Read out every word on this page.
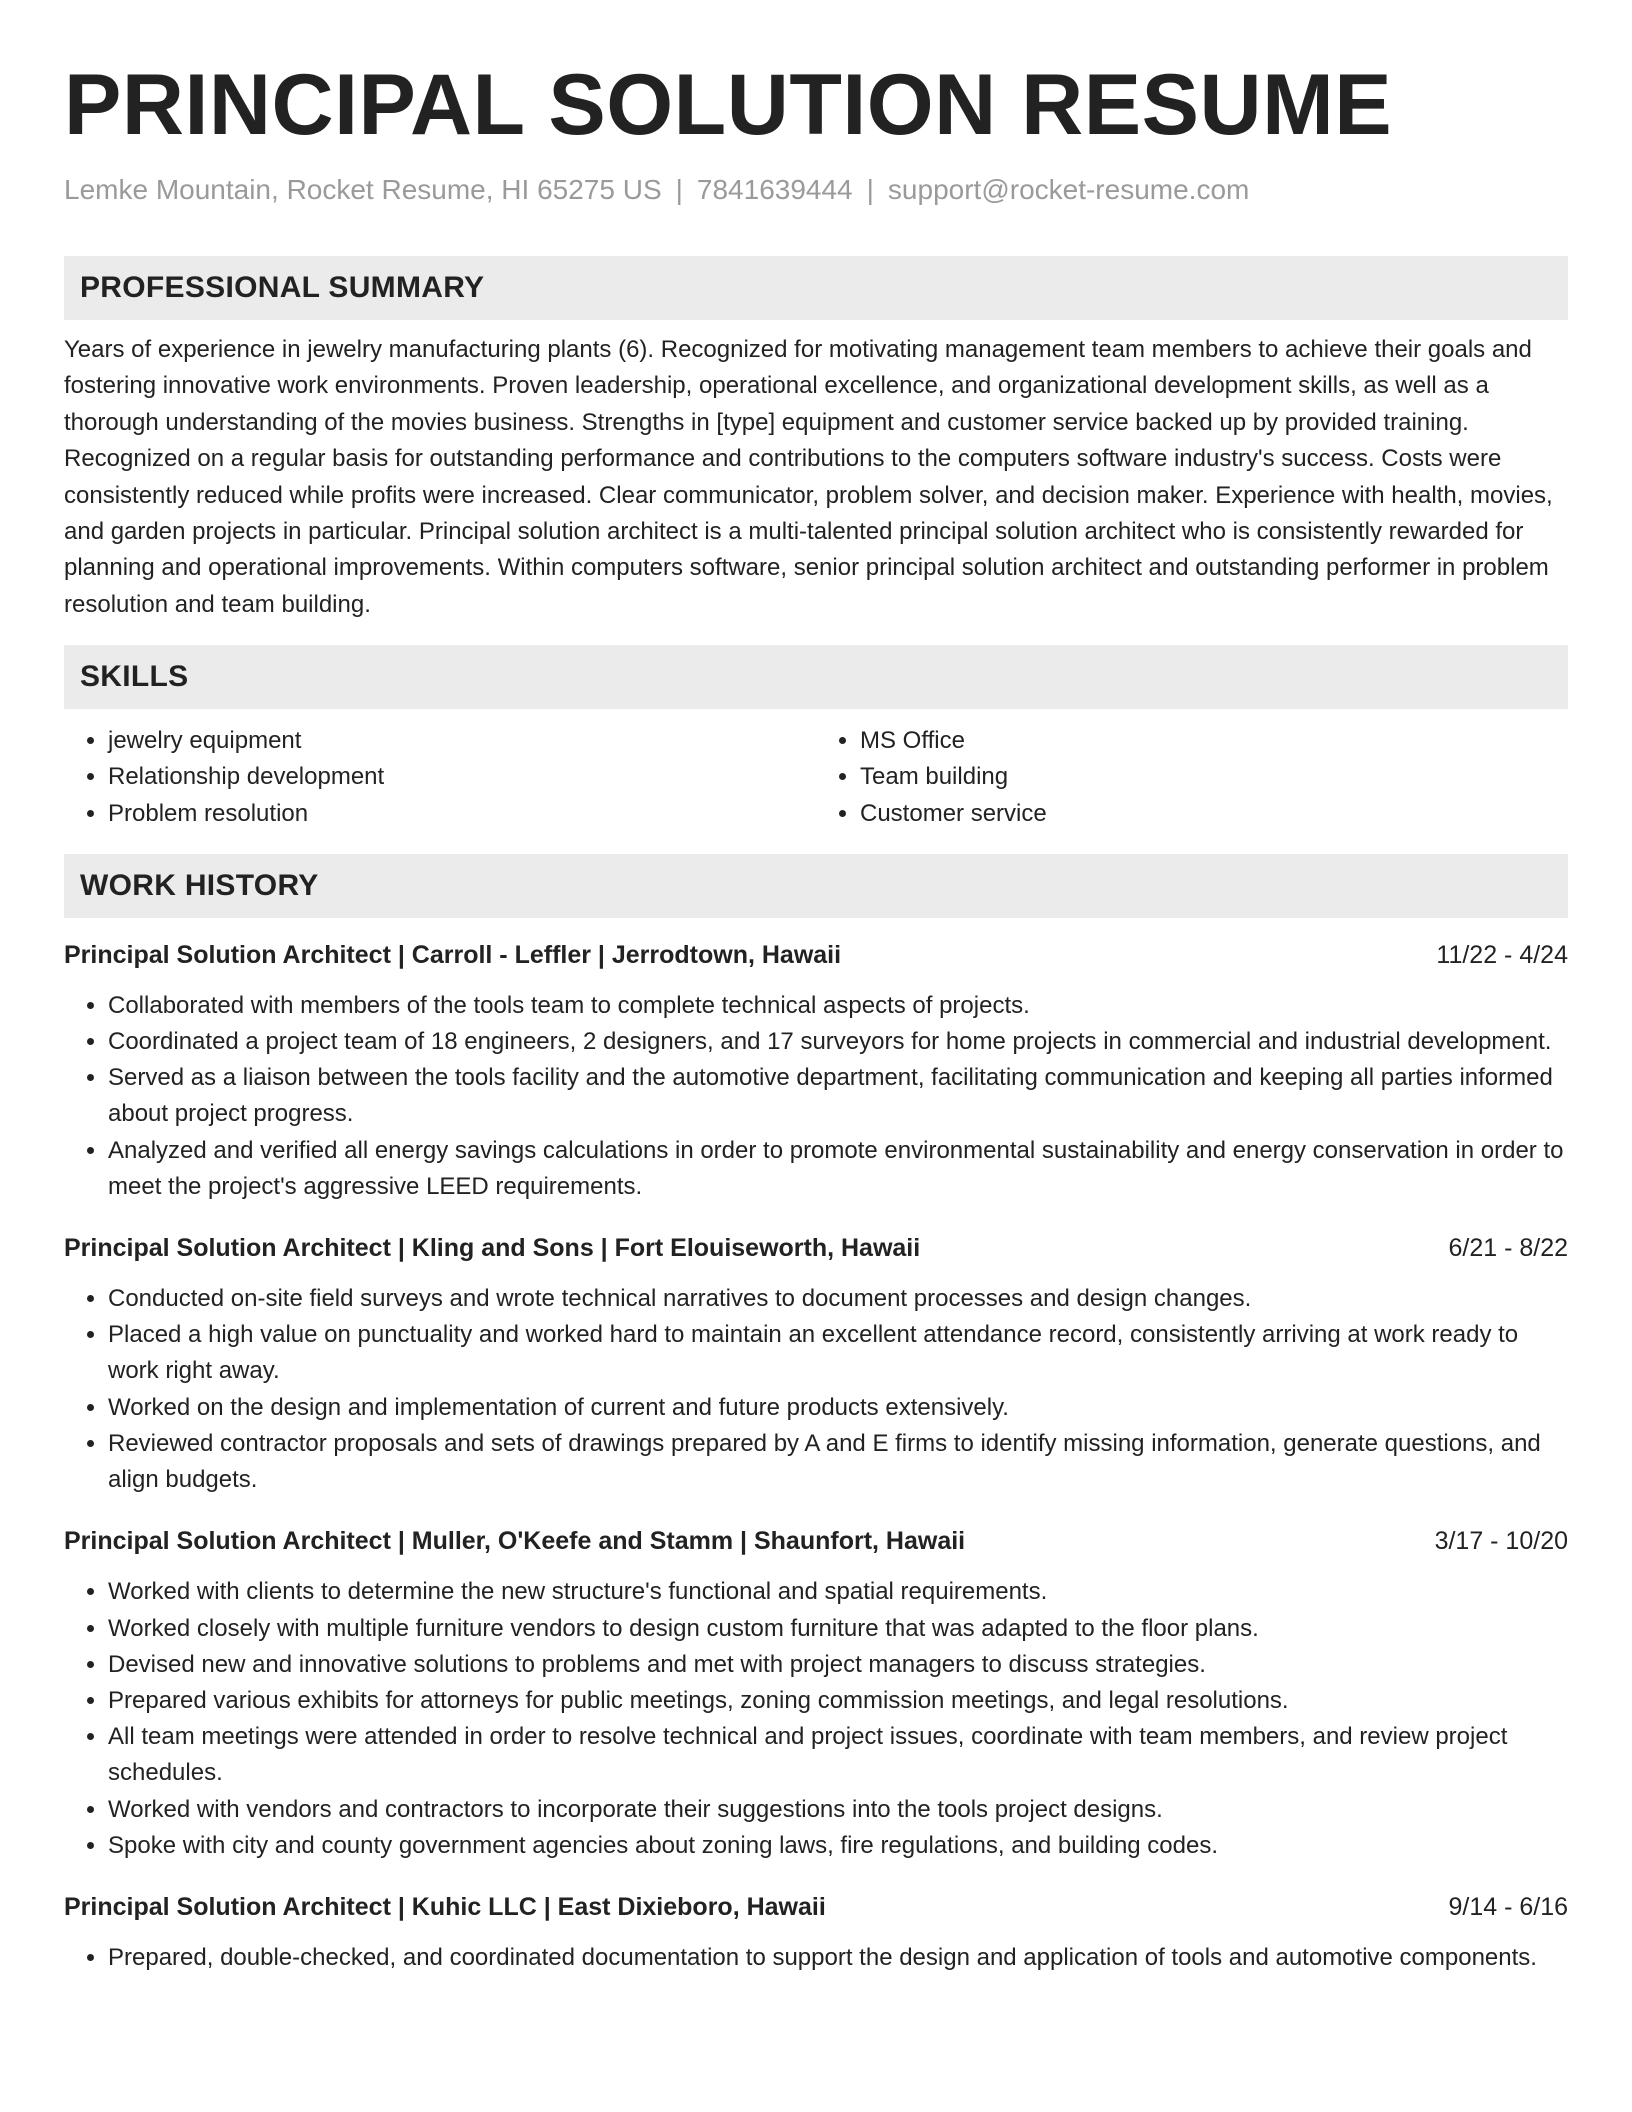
PRINCIPAL SOLUTION RESUME
Lemke Mountain, Rocket Resume, HI 65275 US | 7841639444 | support@rocket-resume.com
PROFESSIONAL SUMMARY

Years of experience in jewelry manufacturing plants (6). Recognized for motivating management team members to achieve their goals and fostering innovative work environments. Proven leadership, operational excellence, and organizational development skills, as well as a thorough understanding of the movies business. Strengths in [type] equipment and customer service backed up by provided training. Recognized on a regular basis for outstanding performance and contributions to the computers software industry's success. Costs were consistently reduced while profits were increased. Clear communicator, problem solver, and decision maker. Experience with health, movies, and garden projects in particular. Principal solution architect is a multi-talented principal solution architect who is consistently rewarded for planning and operational improvements. Within computers software, senior principal solution architect and outstanding performer in problem resolution and team building.

SKILLS
• jewelry equipment
• Relationship development
• Problem resolution
• MS Office
• Team building
• Customer service
WORK HISTORY
Principal Solution Architect | Carroll - Leffler | Jerrodtown, Hawaii	11/22 - 4/24
• Collaborated with members of the tools team to complete technical aspects of projects.
• Coordinated a project team of 18 engineers, 2 designers, and 17 surveyors for home projects in commercial and industrial development.
• Served as a liaison between the tools facility and the automotive department, facilitating communication and keeping all parties informed about project progress.
• Analyzed and verified all energy savings calculations in order to promote environmental sustainability and energy conservation in order to meet the project's aggressive LEED requirements.
Principal Solution Architect | Kling and Sons | Fort Elouiseworth, Hawaii	6/21 - 8/22
• Conducted on-site field surveys and wrote technical narratives to document processes and design changes.
• Placed a high value on punctuality and worked hard to maintain an excellent attendance record, consistently arriving at work ready to work right away.
• Worked on the design and implementation of current and future products extensively.
• Reviewed contractor proposals and sets of drawings prepared by A and E firms to identify missing information, generate questions, and align budgets.
Principal Solution Architect | Muller, O'Keefe and Stamm | Shaunfort, Hawaii	3/17 - 10/20
• Worked with clients to determine the new structure's functional and spatial requirements.
• Worked closely with multiple furniture vendors to design custom furniture that was adapted to the floor plans.
• Devised new and innovative solutions to problems and met with project managers to discuss strategies.
• Prepared various exhibits for attorneys for public meetings, zoning commission meetings, and legal resolutions.
• All team meetings were attended in order to resolve technical and project issues, coordinate with team members, and review project schedules.
• Worked with vendors and contractors to incorporate their suggestions into the tools project designs.
• Spoke with city and county government agencies about zoning laws, fire regulations, and building codes.
Principal Solution Architect | Kuhic LLC | East Dixieboro, Hawaii	9/14 - 6/16
• Prepared, double-checked, and coordinated documentation to support the design and application of tools and automotive components.
